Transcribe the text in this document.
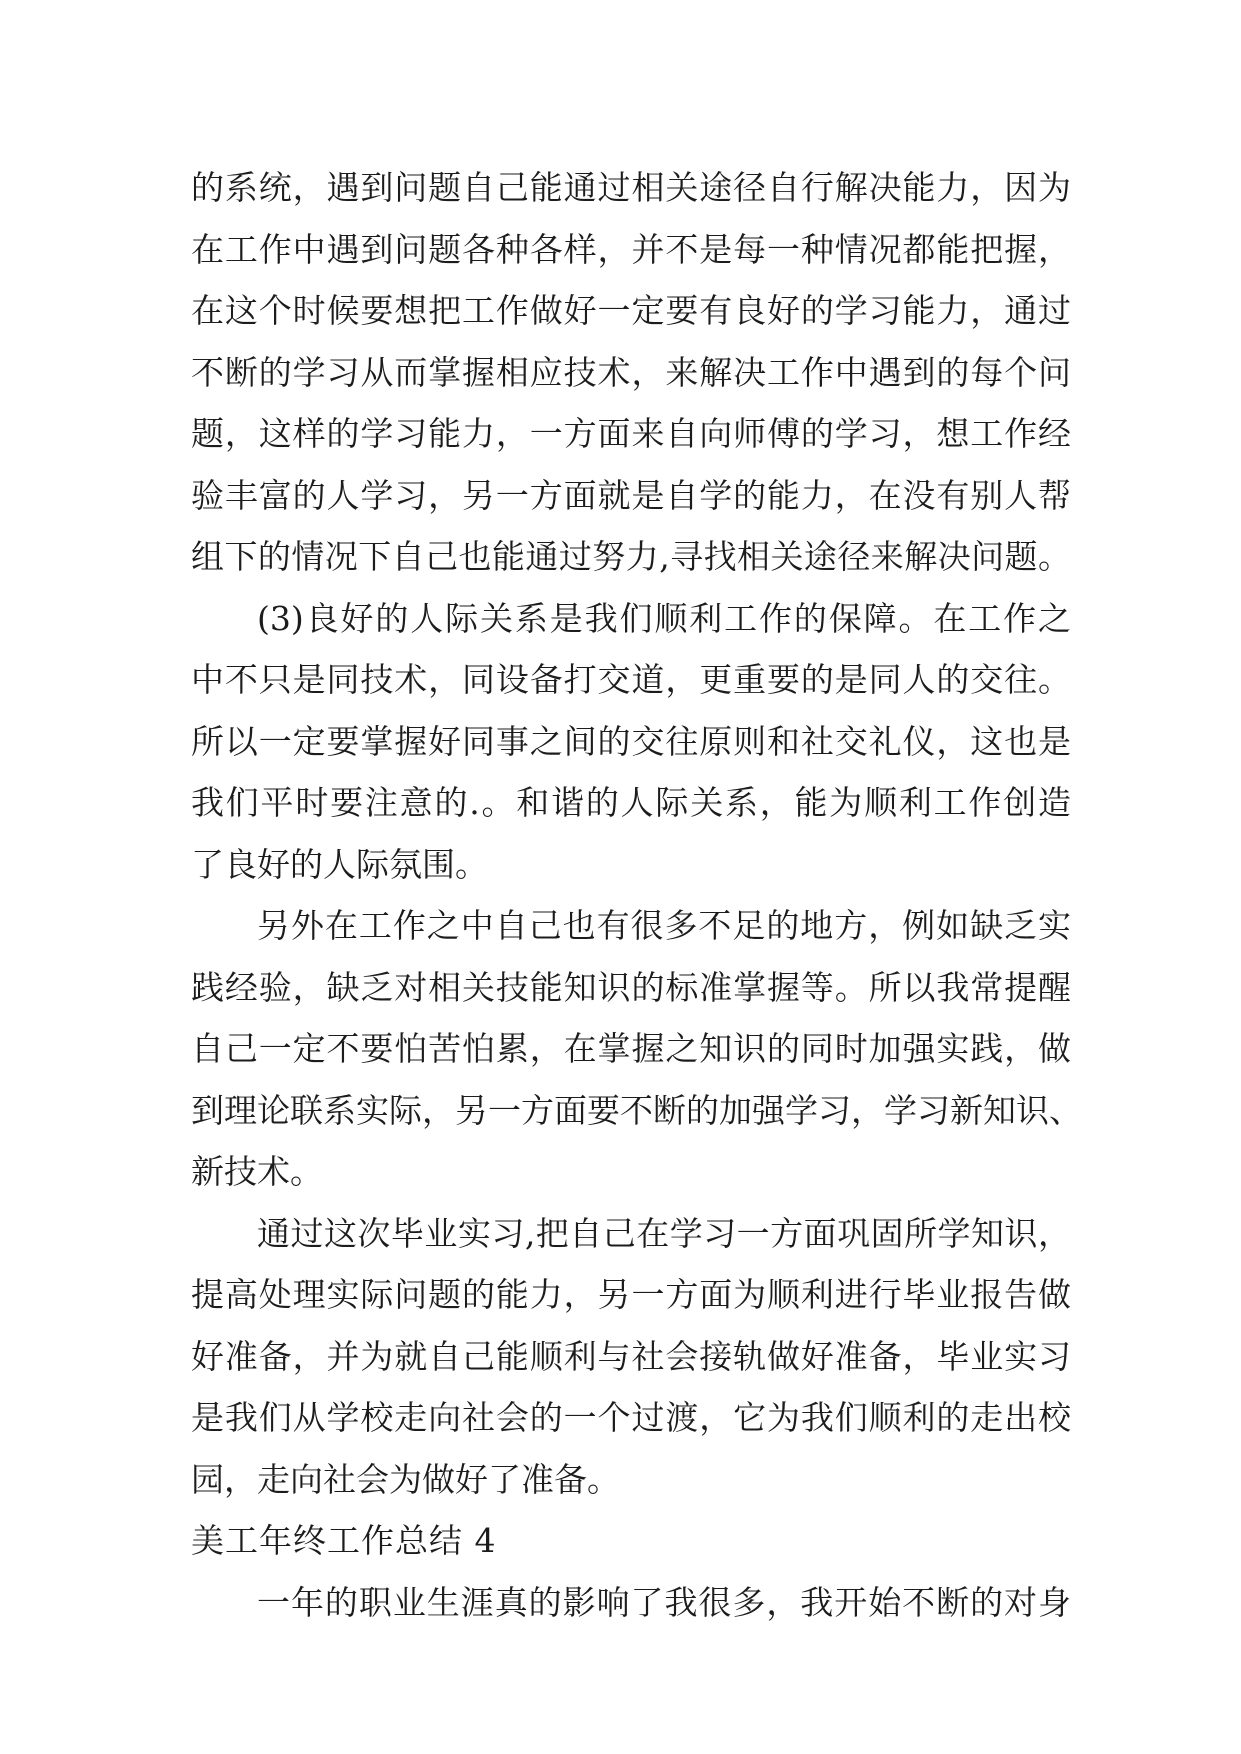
的系统，遇到问题自己能通过相关途径自行解决能力，因为
在工作中遇到问题各种各样，并不是每一种情况都能把握，
在这个时候要想把工作做好一定要有良好的学习能力，通过
不断的学习从而掌握相应技术，来解决工作中遇到的每个问
题，这样的学习能力，一方面来自向师傅的学习，想工作经
验丰富的人学习，另一方面就是自学的能力，在没有别人帮
组下的情况下自己也能通过努力,寻找相关途径来解决问题。
(3)良好的人际关系是我们顺利工作的保障。在工作之
中不只是同技术，同设备打交道，更重要的是同人的交往。
所以一定要掌握好同事之间的交往原则和社交礼仪，这也是
我们平时要注意的.。和谐的人际关系，能为顺利工作创造
了良好的人际氛围。
另外在工作之中自己也有很多不足的地方，例如缺乏实
践经验，缺乏对相关技能知识的标准掌握等。所以我常提醒
自己一定不要怕苦怕累，在掌握之知识的同时加强实践，做
到理论联系实际，另一方面要不断的加强学习，学习新知识、
新技术。
通过这次毕业实习,把自己在学习一方面巩固所学知识，
提高处理实际问题的能力，另一方面为顺利进行毕业报告做
好准备，并为就自己能顺利与社会接轨做好准备，毕业实习
是我们从学校走向社会的一个过渡，它为我们顺利的走出校
园，走向社会为做好了准备。
美工年终工作总结 4
一年的职业生涯真的影响了我很多，我开始不断的对身
